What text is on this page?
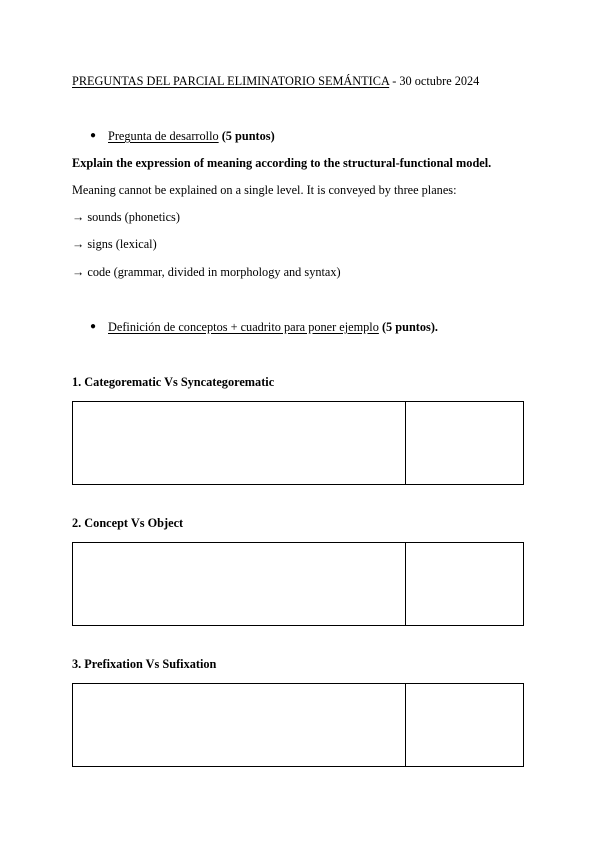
PREGUNTAS DEL PARCIAL ELIMINATORIO SEMÁNTICA - 30 octubre 2024
● Pregunta de desarrollo (5 puntos)
Explain the expression of meaning according to the structural-functional model.
Meaning cannot be explained on a single level. It is conveyed by three planes:
→ sounds (phonetics)
→ signs (lexical)
→ code (grammar, divided in morphology and syntax)
● Definición de conceptos + cuadrito para poner ejemplo (5 puntos).
1. Categorematic Vs Syncategorematic
2. Concept Vs Object
3. Prefixation Vs Sufixation
